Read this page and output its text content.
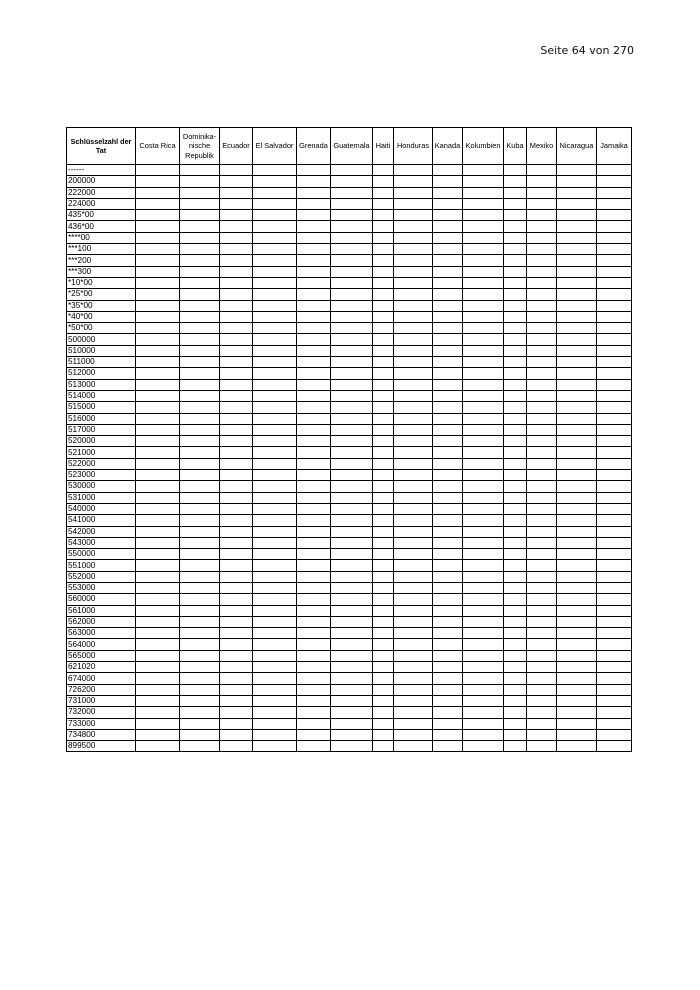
Seite 64 von 270
Schlüsselzahl der Tat	Costa Rica	Dominika-
nische
Republik	Ecuador	El Salvador	Grenada	Guatemala	Haiti	Honduras	Kanada	Kolumbien	Kuba	Mexiko	Nicaragua	Jamaika
------														
200000														
222000														
224000														
435*00														
436*00														
****00														
***100														
***200														
***300														
*10*00														
*25*00														
*35*00														
*40*00														
*50*00														
500000														
510000														
511000														
512000														
513000														
514000														
515000														
516000														
517000														
520000														
521000														
522000														
523000														
530000														
531000														
540000														
541000														
542000														
543000														
550000														
551000														
552000														
553000														
560000														
561000														
562000														
563000														
564000														
565000														
621020														
674000														
726200														
731000														
732000														
733000														
734800														
899500														
